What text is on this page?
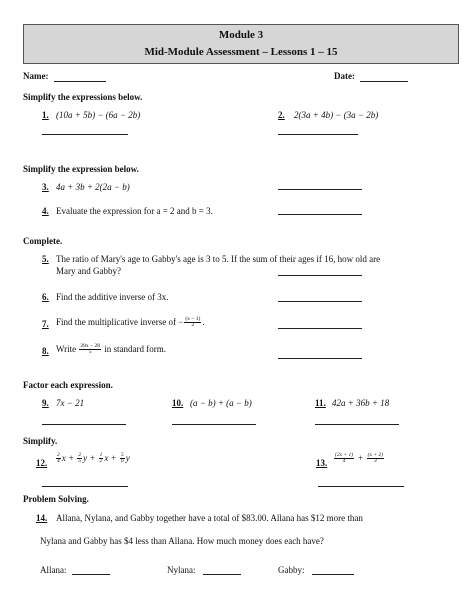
Module 3
Mid-Module Assessment – Lessons 1 – 15
Name:	Date:
Simplify the expressions below.
1. (10a + 5b) − (6a − 2b)	2. 2(3a + 4b) − (3a − 2b)
Simplify the expression below.
3. 4a + 3b + 2(2a − b)
4. Evaluate the expression for a = 2 and b = 3.
Complete.
5. The ratio of Mary's age to Gabby's age is 3 to 5. If the sum of their ages if 16, how old are
Mary and Gabby?
6. Find the additive inverse of 3x.
7. Find the multiplicative inverse of − $\frac{(x - 1)}{2}$ .
8. Write $\frac{28x - 28}{5}$ in standard form.
Factor each expression.
9. 7x − 21	10. (a − b) + (a − b)	11. 42a + 36b + 18
Simplify.
12. $\frac{2}{4}$ $x + \frac{2}{5}$ $y + \frac{1}{2}$ $x + \frac{5}{6}$ y	13. $\frac{(2x + 1)}{4} + \frac{(x + 2)}{3}$
Problem Solving.
14. Allana, Nylana, and Gabby together have a total of $83.00. Allana has $12 more than
Nylana and Gabby has $4 less than Allana. How much money does each have?
Allana:	Nylana:	Gabby:
